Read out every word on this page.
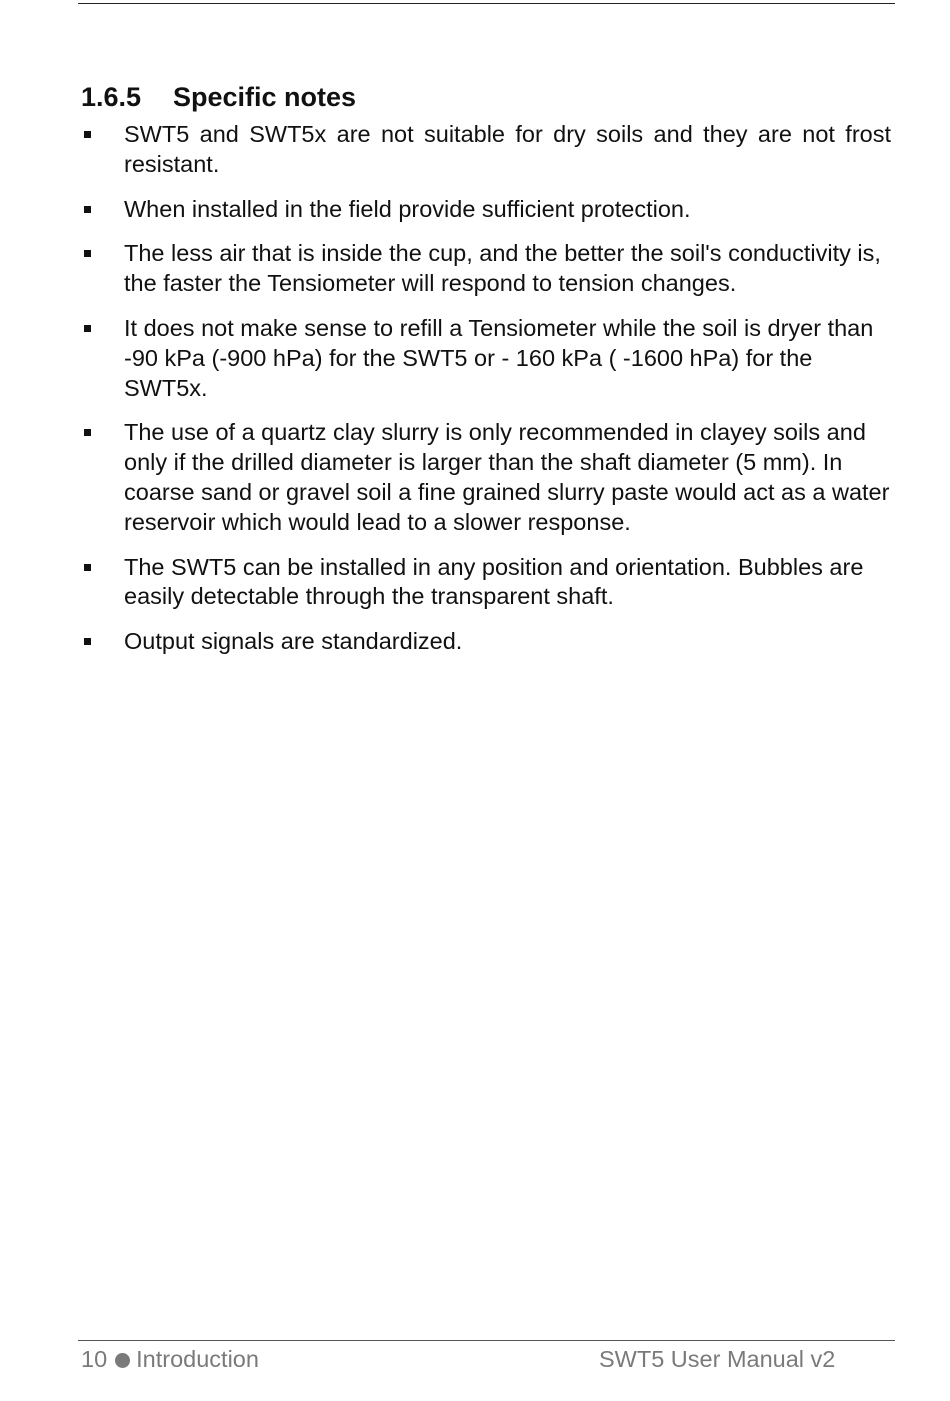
1.6.5 Specific notes
SWT5 and SWT5x are not suitable for dry soils and they are not frost resistant.
When installed in the field provide sufficient protection.
The less air that is inside the cup, and the better the soil's conductivity is, the faster the Tensiometer will respond to tension changes.
It does not make sense to refill a Tensiometer while the soil is dryer than -90 kPa (-900 hPa) for the SWT5 or - 160 kPa ( -1600 hPa) for the SWT5x.
The use of a quartz clay slurry is only recommended in clayey soils and only if the drilled diameter is larger than the shaft diameter (5 mm). In coarse sand or gravel soil a fine grained slurry paste would act as a water reservoir which would lead to a slower response.
The SWT5 can be installed in any position and orientation. Bubbles are easily detectable through the transparent shaft.
Output signals are standardized.
10 Introduction	SWT5 User Manual v2
